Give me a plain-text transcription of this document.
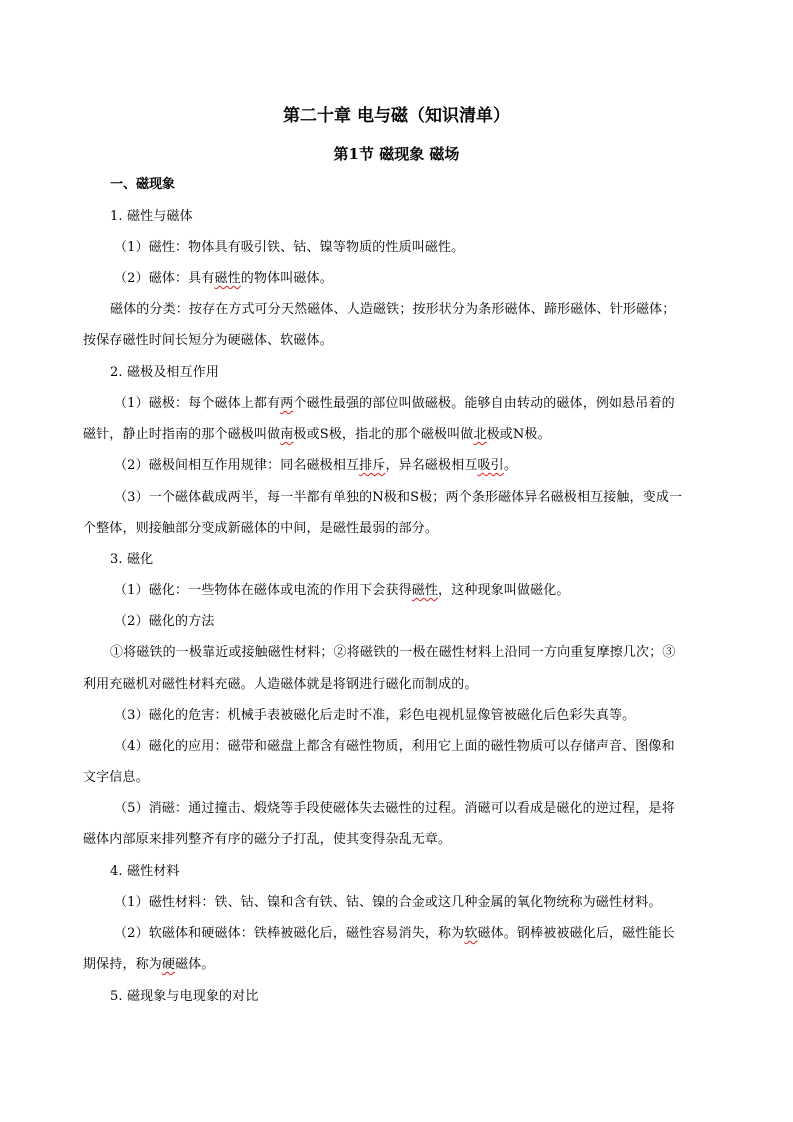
第二十章 电与磁（知识清单）
第1节 磁现象 磁场
一、磁现象
1. 磁性与磁体
（1）磁性：物体具有吸引铁、钴、镍等物质的性质叫磁性。
（2）磁体：具有磁性的物体叫磁体。
磁体的分类：按存在方式可分天然磁体、人造磁铁；按形状分为条形磁体、蹄形磁体、针形磁体；
按保存磁性时间长短分为硬磁体、软磁体。
2. 磁极及相互作用
（1）磁极：每个磁体上都有两个磁性最强的部位叫做磁极。能够自由转动的磁体，例如悬吊着的
磁针，静止时指南的那个磁极叫做南极或S极，指北的那个磁极叫做北极或N极。
（2）磁极间相互作用规律：同名磁极相互排斥，异名磁极相互吸引。
（3）一个磁体截成两半，每一半都有单独的N极和S极；两个条形磁体异名磁极相互接触，变成一
个整体，则接触部分变成新磁体的中间，是磁性最弱的部分。
3. 磁化
（1）磁化：一些物体在磁体或电流的作用下会获得磁性，这种现象叫做磁化。
（2）磁化的方法
①将磁铁的一极靠近或接触磁性材料；②将磁铁的一极在磁性材料上沿同一方向重复摩擦几次；③
利用充磁机对磁性材料充磁。人造磁体就是将钢进行磁化而制成的。
（3）磁化的危害：机械手表被磁化后走时不准，彩色电视机显像管被磁化后色彩失真等。
（4）磁化的应用：磁带和磁盘上都含有磁性物质，利用它上面的磁性物质可以存储声音、图像和
文字信息。
（5）消磁：通过撞击、煅烧等手段使磁体失去磁性的过程。消磁可以看成是磁化的逆过程，是将
磁体内部原来排列整齐有序的磁分子打乱，使其变得杂乱无章。
4. 磁性材料
（1）磁性材料：铁、钴、镍和含有铁、钴、镍的合金或这几种金属的氧化物统称为磁性材料。
（2）软磁体和硬磁体：铁棒被磁化后，磁性容易消失，称为软磁体。钢棒被被磁化后，磁性能长
期保持，称为硬磁体。
5. 磁现象与电现象的对比
